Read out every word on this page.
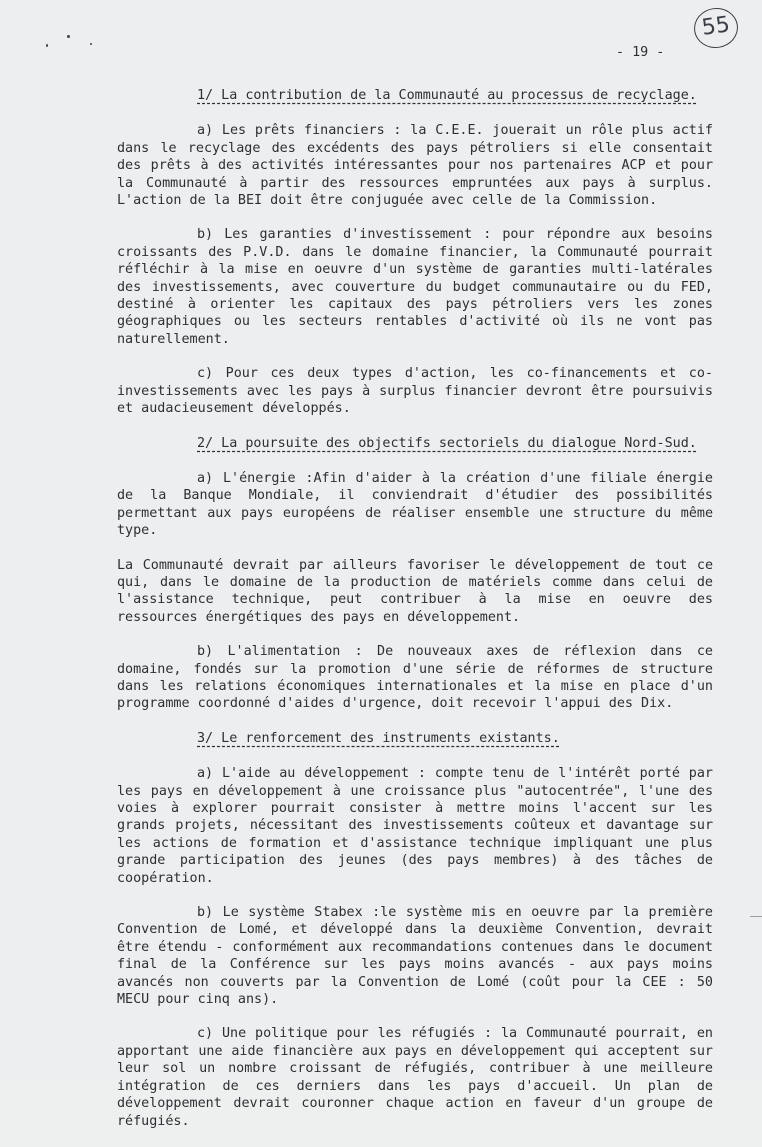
55
- 19 -
1/ La contribution de la Communauté au processus de recyclage.

a) Les prêts financiers : la C.E.E. jouerait un rôle plus actif dans le recyclage des excédents des pays pétroliers si elle consentait des prêts à des activités intéressantes pour nos partenaires ACP et pour la Communauté à partir des ressources empruntées aux pays à surplus. L'action de la BEI doit être conjuguée avec celle de la Commission.

b) Les garanties d'investissement : pour répondre aux besoins croissants des P.V.D. dans le domaine financier, la Communauté pourrait réfléchir à la mise en oeuvre d'un système de garanties multi-latérales des investissements, avec couverture du budget communautaire ou du FED, destiné à orienter les capitaux des pays pétroliers vers les zones géographiques ou les secteurs rentables d'activité où ils ne vont pas naturellement.

c) Pour ces deux types d'action, les co-financements et co-investissements avec les pays à surplus financier devront être poursuivis et audacieusement développés.

2/ La poursuite des objectifs sectoriels du dialogue Nord-Sud.

a) L'énergie :Afin d'aider à la création d'une filiale énergie de la Banque Mondiale, il conviendrait d'étudier des possibilités permettant aux pays européens de réaliser ensemble une structure du même type.

La Communauté devrait par ailleurs favoriser le développement de tout ce qui, dans le domaine de la production de matériels comme dans celui de l'assistance technique, peut contribuer à la mise en oeuvre des ressources énergétiques des pays en développement.

b) L'alimentation : De nouveaux axes de réflexion dans ce domaine, fondés sur la promotion d'une série de réformes de structure dans les relations économiques internationales et la mise en place d'un programme coordonné d'aides d'urgence, doit recevoir l'appui des Dix.

3/ Le renforcement des instruments existants.

a) L'aide au développement : compte tenu de l'intérêt porté par les pays en développement à une croissance plus "autocentrée", l'une des voies à explorer pourrait consister à mettre moins l'accent sur les grands projets, nécessitant des investissements coûteux et davantage sur les actions de formation et d'assistance technique impliquant une plus grande participation des jeunes (des pays membres) à des tâches de coopération.

b) Le système Stabex :le système mis en oeuvre par la première Convention de Lomé, et développé dans la deuxième Convention, devrait être étendu - conformément aux recommandations contenues dans le document final de la Conférence sur les pays moins avancés - aux pays moins avancés non couverts par la Convention de Lomé (coût pour la CEE : 50 MECU pour cinq ans).

c) Une politique pour les réfugiés : la Communauté pourrait, en apportant une aide financière aux pays en développement qui acceptent sur leur sol un nombre croissant de réfugiés, contribuer à une meilleure intégration de ces derniers dans les pays d'accueil. Un plan de développement devrait couronner chaque action en faveur d'un groupe de réfugiés.
